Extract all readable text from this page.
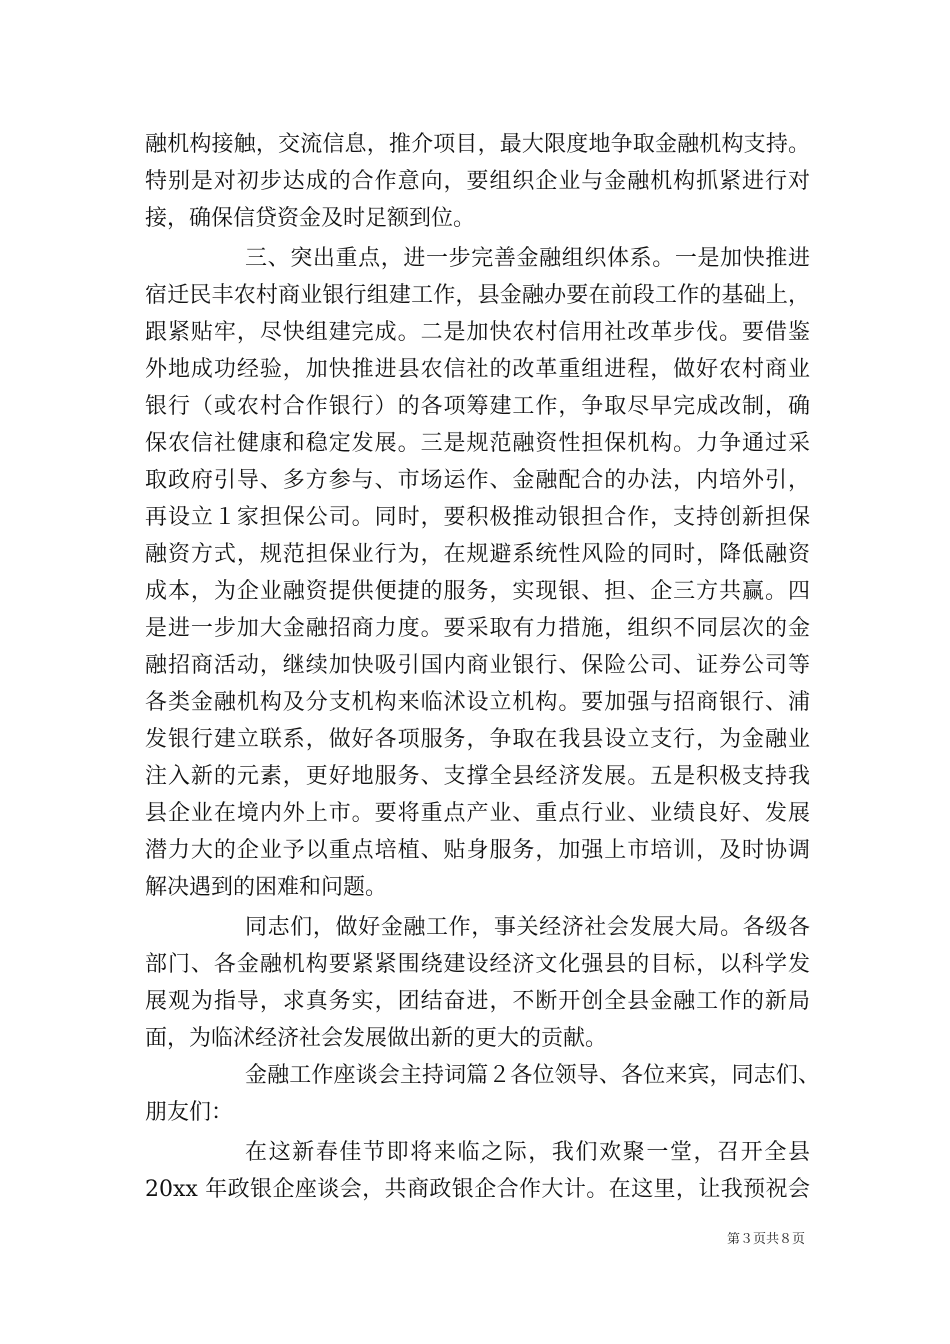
融机构接触，交流信息，推介项目，最大限度地争取金融机构支持。
特别是对初步达成的合作意向，要组织企业与金融机构抓紧进行对
接，确保信贷资金及时足额到位。
三、突出重点，进一步完善金融组织体系。一是加快推进
宿迁民丰农村商业银行组建工作，县金融办要在前段工作的基础上，
跟紧贴牢，尽快组建完成。二是加快农村信用社改革步伐。要借鉴
外地成功经验，加快推进县农信社的改革重组进程，做好农村商业
银行（或农村合作银行）的各项筹建工作，争取尽早完成改制，确
保农信社健康和稳定发展。三是规范融资性担保机构。力争通过采
取政府引导、多方参与、市场运作、金融配合的办法，内培外引，
再设立１家担保公司。同时，要积极推动银担合作，支持创新担保
融资方式，规范担保业行为，在规避系统性风险的同时，降低融资
成本，为企业融资提供便捷的服务，实现银、担、企三方共赢。四
是进一步加大金融招商力度。要采取有力措施，组织不同层次的金
融招商活动，继续加快吸引国内商业银行、保险公司、证券公司等
各类金融机构及分支机构来临沭设立机构。要加强与招商银行、浦
发银行建立联系，做好各项服务，争取在我县设立支行，为金融业
注入新的元素，更好地服务、支撑全县经济发展。五是积极支持我
县企业在境内外上市。要将重点产业、重点行业、业绩良好、发展
潜力大的企业予以重点培植、贴身服务，加强上市培训，及时协调
解决遇到的困难和问题。
同志们，做好金融工作，事关经济社会发展大局。各级各
部门、各金融机构要紧紧围绕建设经济文化强县的目标，以科学发
展观为指导，求真务实，团结奋进，不断开创全县金融工作的新局
面，为临沭经济社会发展做出新的更大的贡献。
金融工作座谈会主持词篇２各位领导、各位来宾，同志们、
朋友们：
在这新春佳节即将来临之际，我们欢聚一堂，召开全县
20xx 年政银企座谈会，共商政银企合作大计。在这里，让我预祝会
第３页共８页
